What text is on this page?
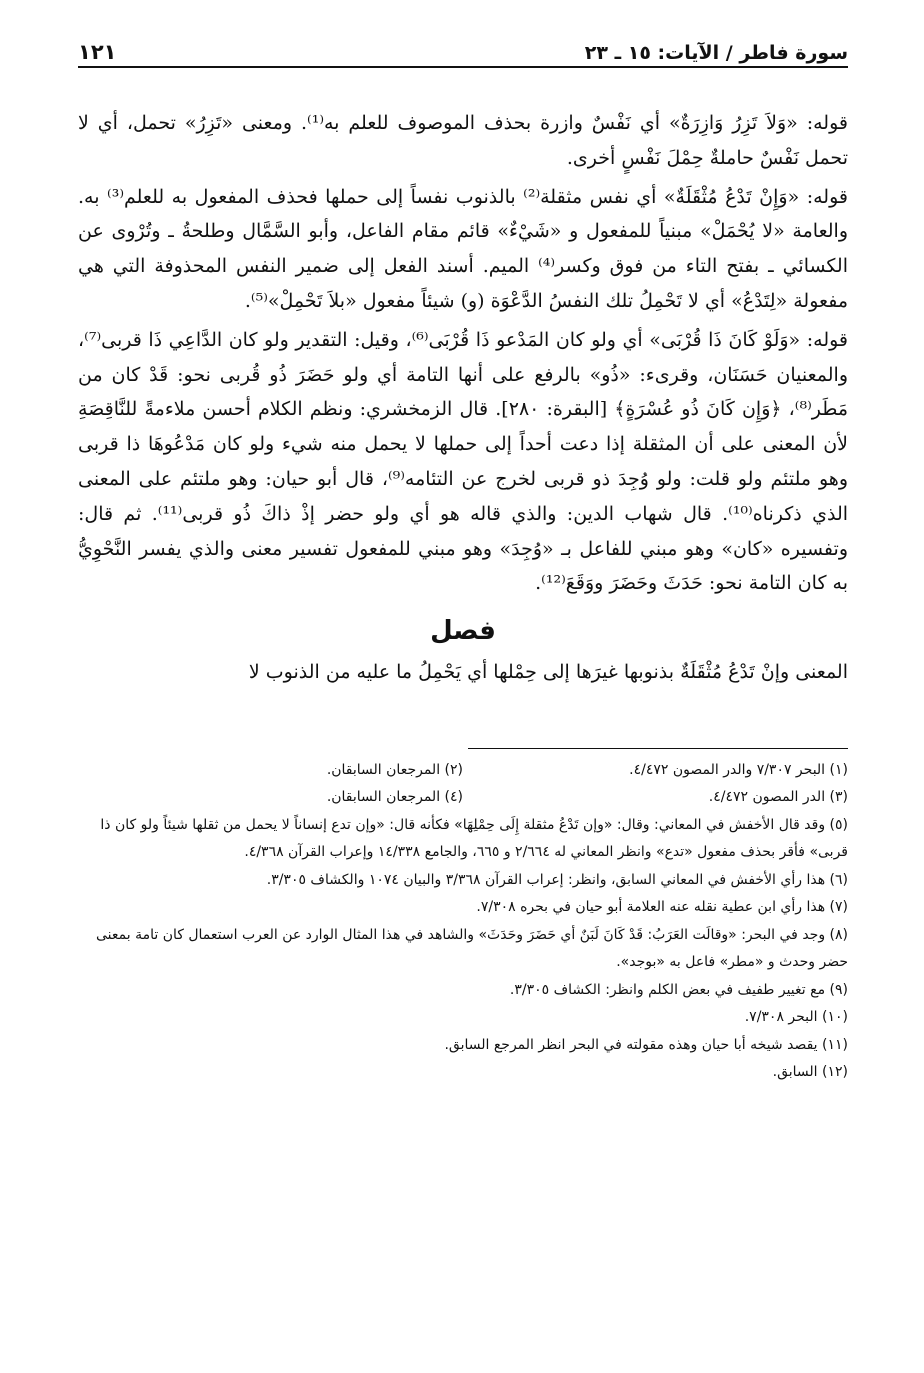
سورة فاطر / الآيات: ١٥ ـ ٢٣
١٢١

قوله: «وَلاَ تَزِرُ وَازِرَةٌ» أي نَفْسٌ وازرة بحذف الموصوف للعلم به⁽¹⁾. ومعنى «تَزِرُ» تحمل، أي لا تحمل نَفْسٌ حاملةٌ حِمْلَ نَفْسٍ أخرى.

قوله: «وَإِنْ تَدْعُ مُثْقَلَةٌ» أي نفس مثقلة⁽²⁾ بالذنوب نفساً إلى حملها فحذف المفعول به للعلم⁽³⁾ به. والعامة «لا يُحْمَلْ» مبنياً للمفعول و «شَيْءٌ» قائم مقام الفاعل، وأبو السَّمَّال وطلحةُ ـ وتُرْوى عن الكسائي ـ بفتح التاء من فوق وكسر⁽⁴⁾ الميم. أسند الفعل إلى ضمير النفس المحذوفة التي هي مفعولة «لِتَدْعُ» أي لا تَحْمِلُ تلك النفسُ الدَّعْوَة (و) شيئاً مفعول «بلاَ تَحْمِلْ»⁽⁵⁾.

قوله: «وَلَوْ كَانَ ذَا قُرْبَى» أي ولو كان المَدْعو ذَا قُرْبَى⁽⁶⁾، وقيل: التقدير ولو كان الدَّاعِي ذَا قربى⁽⁷⁾، والمعنيان حَسَنَان، وقرىء: «ذُو» بالرفع على أنها التامة أي ولو حَضَرَ ذُو قُربى نحو: قَدْ كان من مَطَر⁽⁸⁾، ﴿وَإِن كَانَ ذُو عُسْرَةٍ﴾ [البقرة: ٢٨٠]. قال الزمخشري: ونظم الكلام أحسن ملاءمةً للنَّاقِصَةِ لأن المعنى على أن المثقلة إذا دعت أحداً إلى حملها لا يحمل منه شيء ولو كان مَدْعُوهَا ذا قربى وهو ملتئم ولو قلت: ولو وُجِدَ ذو قربى لخرج عن التئامه⁽⁹⁾، قال أبو حيان: وهو ملتئم على المعنى الذي ذكرناه⁽¹⁰⁾. قال شهاب الدين: والذي قاله هو أي ولو حضر إذْ ذاكَ ذُو قربى⁽¹¹⁾. ثم قال: وتفسيره «كان» وهو مبني للفاعل بـ «وُجِدَ» وهو مبني للمفعول تفسير معنى والذي يفسر النَّحْوِيُّ به كان التامة نحو: حَدَثَ وحَضَرَ ووَقَعَ⁽¹²⁾.

فصل

المعنى وإنْ تَدْعُ مُثْقَلَةٌ بذنوبها غيرَها إلى حِمْلها أي يَحْمِلُ ما عليه من الذنوب لا

(١) البحر ٧/٣٠٧ والدر المصون ٤/٤٧٢.
(٢) المرجعان السابقان.
(٣) الدر المصون ٤/٤٧٢.
(٤) المرجعان السابقان.
(٥) وقد قال الأخفش في المعاني: وقال: «وإن تَدْعُ مثقلة إِلَى حِمْلِهَا» فكأنه قال: «وإن تدع إنساناً لا يحمل من ثقلها شيئاً ولو كان ذا قربى» فأقر بحذف مفعول «تدع» وانظر المعاني له ٢/٦٦٤ و ٦٦٥، والجامع ١٤/٣٣٨ وإعراب القرآن ٤/٣٦٨.
(٦) هذا رأي الأخفش في المعاني السابق، وانظر: إعراب القرآن ٣/٣٦٨ والبيان ١٠٧٤ والكشاف ٣/٣٠٥.
(٧) هذا رأي ابن عطية نقله عنه العلامة أبو حيان في بحره ٧/٣٠٨.
(٨) وجد في البحر: «وقالَت العَرَبُ: قَدْ كَانَ لَبَنٌ أي حَضَرَ وحَدَثَ» والشاهد في هذا المثال الوارد عن العرب استعمال كان تامة بمعنى حضر وحدث و «مطر» فاعل به «بوجد».
(٩) مع تغيير طفيف في بعض الكلم وانظر: الكشاف ٣/٣٠٥.
(١٠) البحر ٧/٣٠٨.
(١١) يقصد شيخه أبا حيان وهذه مقولته في البحر انظر المرجع السابق.
(١٢) السابق.
